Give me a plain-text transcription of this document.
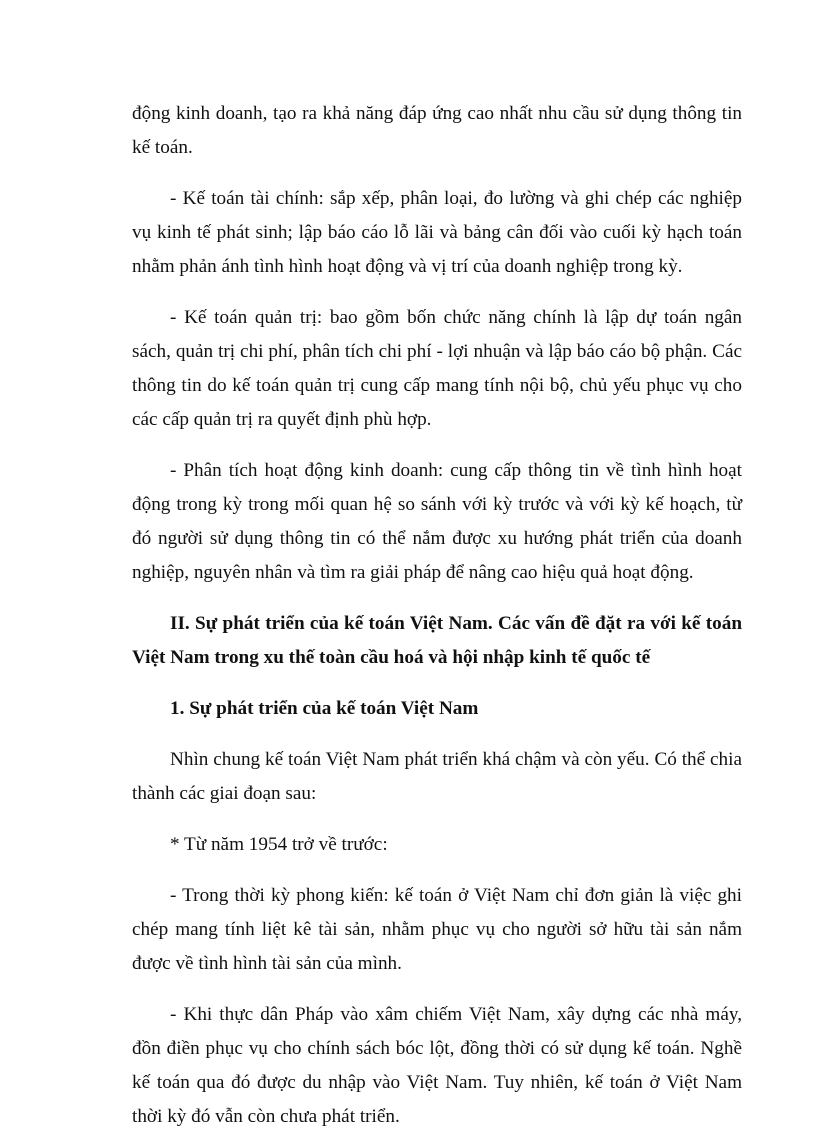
động kinh doanh, tạo ra khả năng đáp ứng cao nhất nhu cầu sử dụng thông tin kế toán.

- Kế toán tài chính: sắp xếp, phân loại, đo lường và ghi chép các nghiệp vụ kinh tế phát sinh; lập báo cáo lỗ lãi và bảng cân đối vào cuối kỳ hạch toán nhằm phản ánh tình hình hoạt động và vị trí của doanh nghiệp trong kỳ.

- Kế toán quản trị: bao gồm bốn chức năng chính là lập dự toán ngân sách, quản trị chi phí, phân tích chi phí - lợi nhuận và lập báo cáo bộ phận. Các thông tin do kế toán quản trị cung cấp mang tính nội bộ, chủ yếu phục vụ cho các cấp quản trị ra quyết định phù hợp.

- Phân tích hoạt động kinh doanh: cung cấp thông tin về tình hình hoạt động trong kỳ trong mối quan hệ so sánh với kỳ trước và với kỳ kế hoạch, từ đó người sử dụng thông tin có thể nắm được xu hướng phát triển của doanh nghiệp, nguyên nhân và tìm ra giải pháp để nâng cao hiệu quả hoạt động.

II. Sự phát triển của kế toán Việt Nam. Các vấn đề đặt ra với kế toán Việt Nam trong xu thế toàn cầu hoá và hội nhập kinh tế quốc tế

1. Sự phát triển của kế toán Việt Nam

Nhìn chung kế toán Việt Nam phát triển khá chậm và còn yếu. Có thể chia thành các giai đoạn sau:

* Từ năm 1954 trở về trước:

- Trong thời kỳ phong kiến: kế toán ở Việt Nam chỉ đơn giản là việc ghi chép mang tính liệt kê tài sản, nhằm phục vụ cho người sở hữu tài sản nắm được về tình hình tài sản của mình.

- Khi thực dân Pháp vào xâm chiếm Việt Nam, xây dựng các nhà máy, đồn điền phục vụ cho chính sách bóc lột, đồng thời có sử dụng kế toán. Nghề kế toán qua đó được du nhập vào Việt Nam. Tuy nhiên, kế toán ở Việt Nam thời kỳ đó vẫn còn chưa phát triển.
